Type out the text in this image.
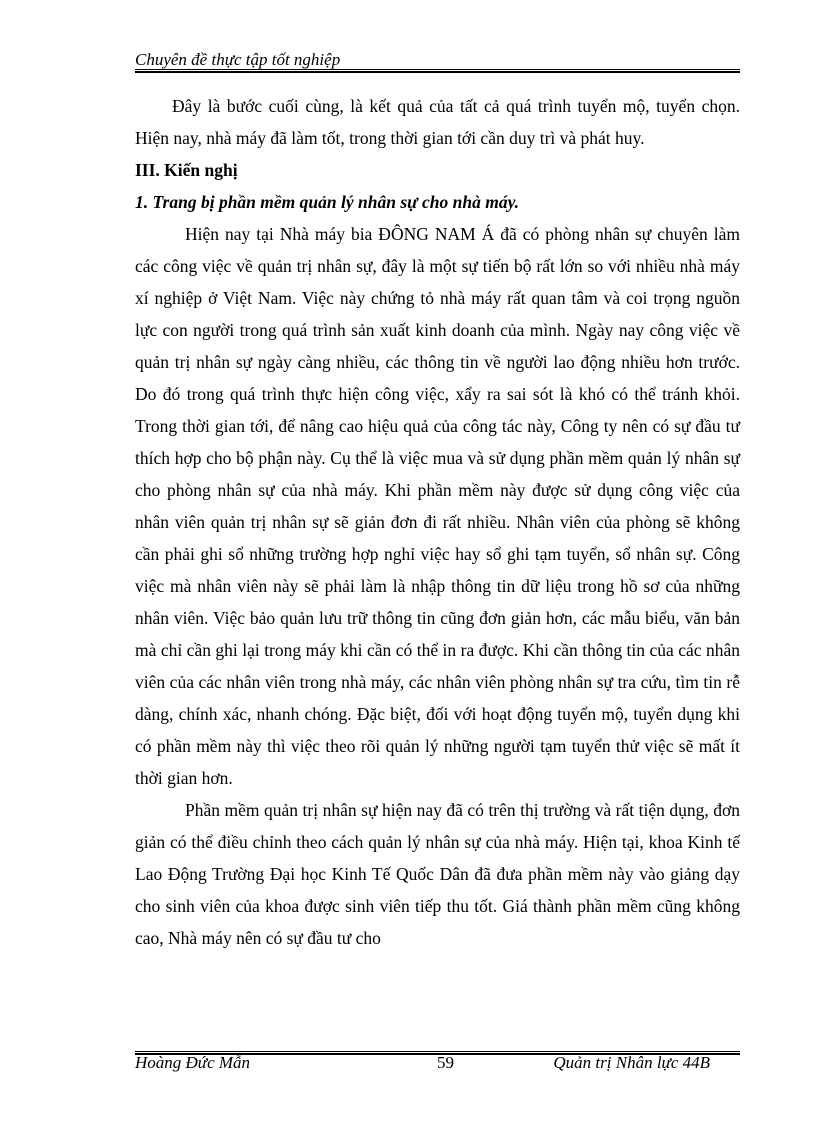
Chuyên đề thực tập tốt nghiệp

Đây là bước cuối cùng, là kết quả của tất cả quá trình tuyển mộ, tuyển chọn. Hiện nay, nhà máy đã làm tốt, trong thời gian tới cần duy trì và phát huy.

III. Kiến nghị

1. Trang bị phần mềm quản lý nhân sự cho nhà máy.

Hiện nay tại Nhà máy bia ĐÔNG NAM Á đã có phòng nhân sự chuyên làm các công việc về quản trị nhân sự, đây là một sự tiến bộ rất lớn so với nhiều nhà máy xí nghiệp ở Việt Nam. Việc này chứng tỏ nhà máy rất quan tâm và coi trọng nguồn lực con người trong quá trình sản xuất kinh doanh của mình. Ngày nay công việc về quản trị nhân sự ngày càng nhiều, các thông tin về người lao động nhiều hơn trước. Do đó trong quá trình thực hiện công việc, xẩy ra sai sót là khó có thể tránh khỏi. Trong thời gian tới, để nâng cao hiệu quả của công tác này, Công ty nên có sự đầu tư thích hợp cho bộ phận này. Cụ thể là việc mua và sử dụng phần mềm quản lý nhân sự cho phòng nhân sự của nhà máy. Khi phần mềm này được sử dụng công việc của nhân viên quản trị nhân sự sẽ giản đơn đi rất nhiều. Nhân viên của phòng sẽ không cần phải ghi sổ những trường hợp nghỉ việc hay sổ ghi tạm tuyển, sổ nhân sự. Công việc mà nhân viên này sẽ phải làm là nhập thông tin dữ liệu trong hồ sơ của những nhân viên. Việc bảo quản lưu trữ thông tin cũng đơn giản hơn, các mẫu biểu, văn bản mà chỉ cần ghi lại trong máy khi cần có thể in ra được. Khi cần thông tin của các nhân viên của các nhân viên trong nhà máy, các nhân viên phòng nhân sự tra cứu, tìm tin rễ dàng, chính xác, nhanh chóng. Đặc biệt, đối với hoạt động tuyển mộ, tuyển dụng khi có phần mềm này thì việc theo rõi quản lý những người tạm tuyển thử việc sẽ mất ít thời gian hơn.

Phần mềm quản trị nhân sự hiện nay đã có trên thị trường và rất tiện dụng, đơn giản có thể điều chỉnh theo cách quản lý nhân sự của nhà máy. Hiện tại, khoa Kinh tế Lao Động Trường Đại học Kinh Tế Quốc Dân đã đưa phần mềm này vào giảng dạy cho sinh viên của khoa được sinh viên tiếp thu tốt. Giá thành phần mềm cũng không cao, Nhà máy nên có sự đầu tư cho

Hoàng Đức Mẫn	59	Quản trị Nhân lực 44B
